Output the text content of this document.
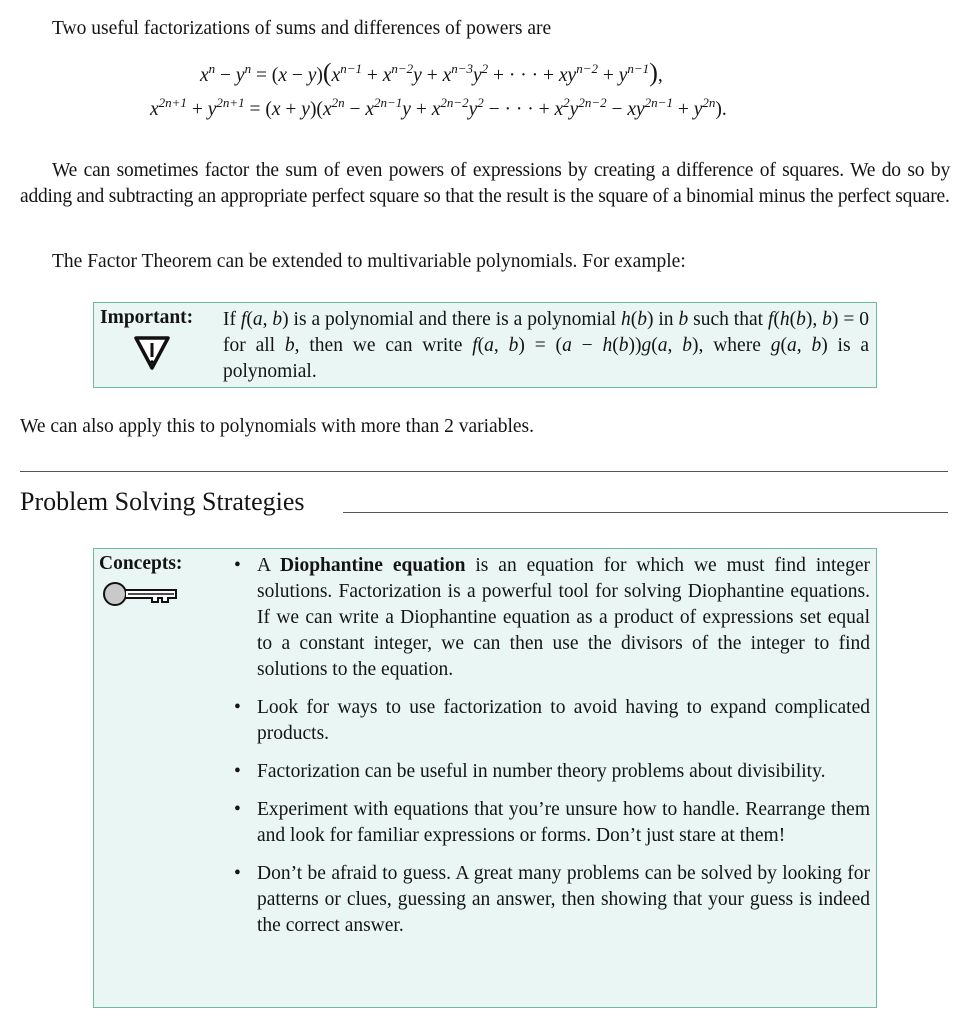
Two useful factorizations of sums and differences of powers are
$x^n - y^n = (x - y)(x^{n-1} + x^{n-2}y + x^{n-3}y^2$ + · · · + $xy^{n-2} + y^{n-1}$),
$x^{2n+1} + y^{2n+1} = (x + y)(x^{2n} - x^{2n-1}y + x^{2n-2}y^2$ − · · · + $x^2y^{2n-2} - xy^{2n-1} + y^{2n}$).
We can sometimes factor the sum of even powers of expressions by creating a difference of squares. We do so by adding and subtracting an appropriate perfect square so that the result is the square of a binomial minus the perfect square.
The Factor Theorem can be extended to multivariable polynomials. For example:
Important: If f(a, b) is a polynomial and there is a polynomial h(b) in b such that f(h(b), b) = 0 for all b, then we can write f(a, b) = (a − h(b))g(a, b), where g(a, b) is a polynomial.
We can also apply this to polynomials with more than 2 variables.
Problem Solving Strategies
Concepts:	• A Diophantine equation is an equation for which we must find integer solutions. Factorization is a powerful tool for solving Diophantine equations. If we can write a Diophantine equation as a product of expressions set equal to a constant integer, we can then use the divisors of the integer to find solutions to the equation.
• Look for ways to use factorization to avoid having to expand complicated products.
• Factorization can be useful in number theory problems about divisibility.
• Experiment with equations that you’re unsure how to handle. Rearrange them and look for familiar expressions or forms. Don’t just stare at them!
• Don’t be afraid to guess. A great many problems can be solved by looking for patterns or clues, guessing an answer, then showing that your guess is indeed the correct answer.
